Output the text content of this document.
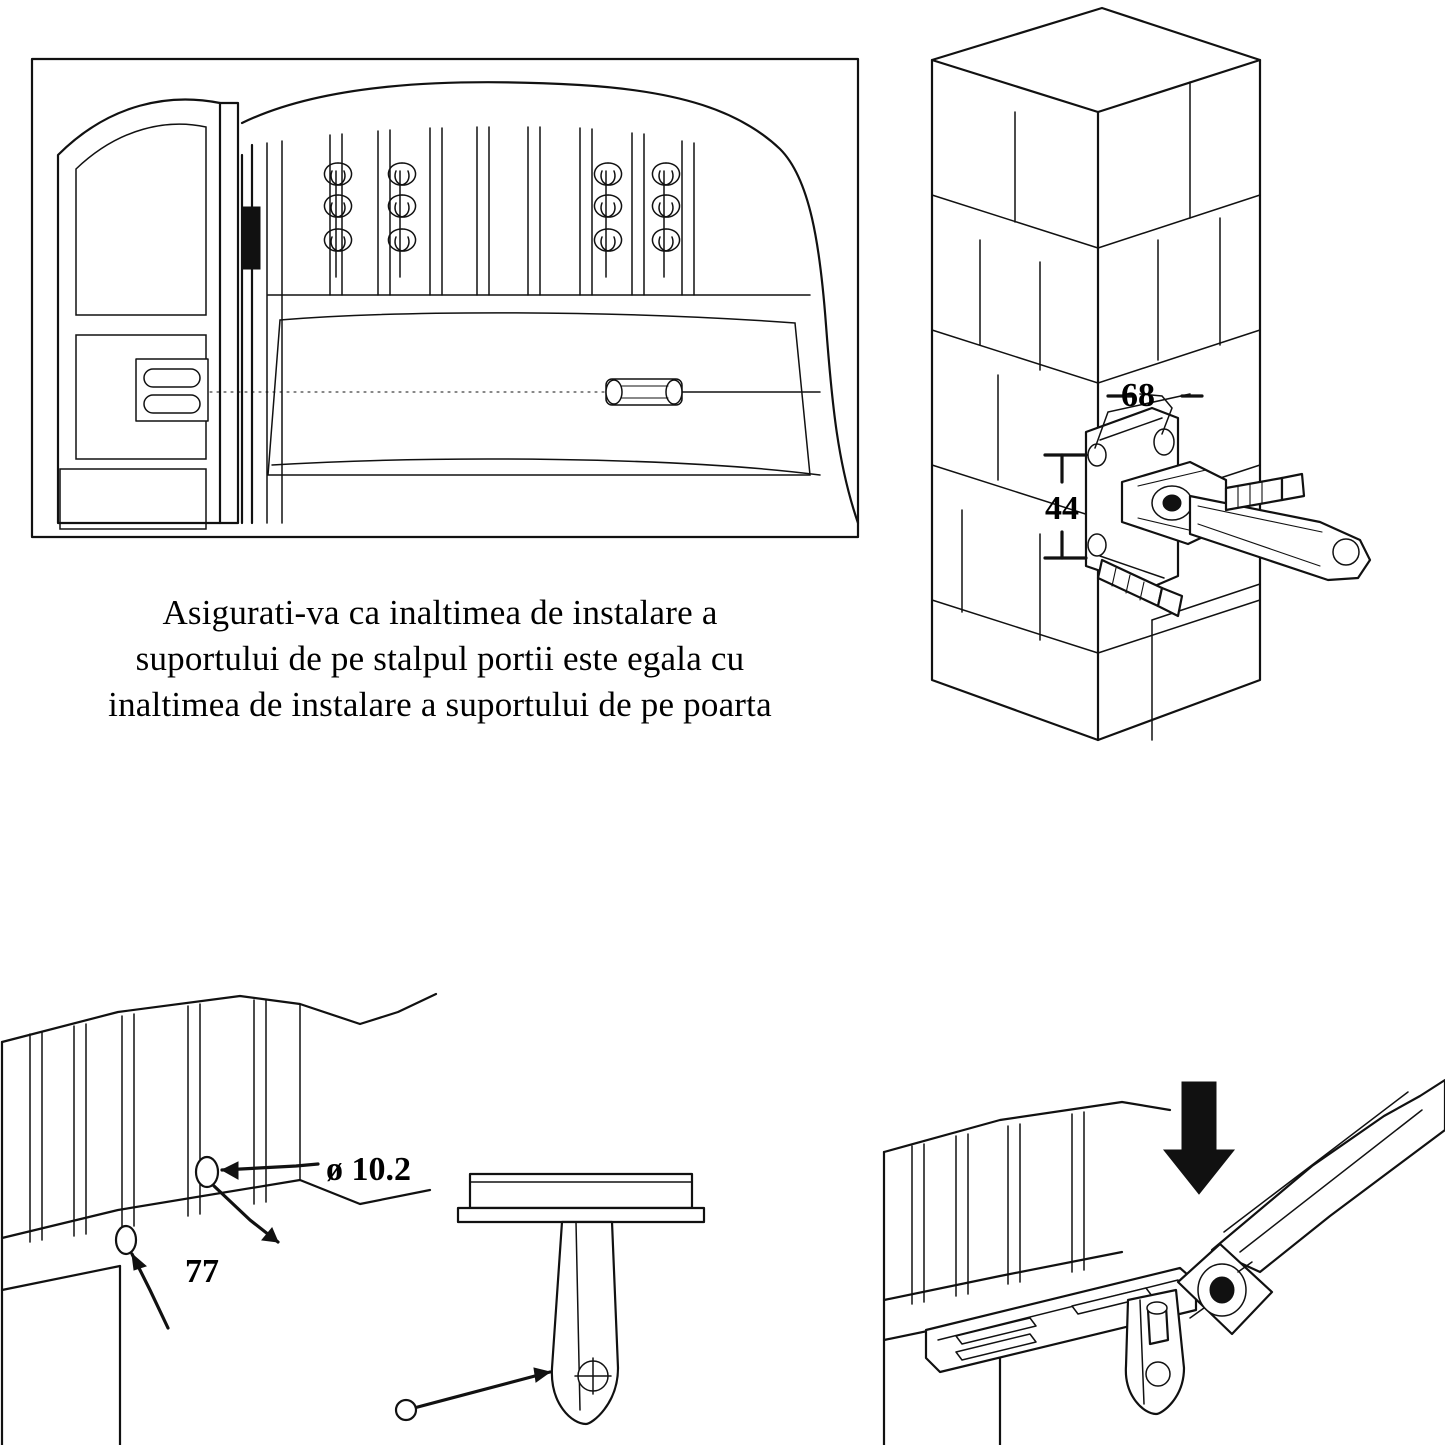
68
44
Asigurati-va ca inaltimea de instalare a
suportului de pe stalpul portii este egala cu
inaltimea de instalare a suportului de pe poarta
ø 10.2
77
